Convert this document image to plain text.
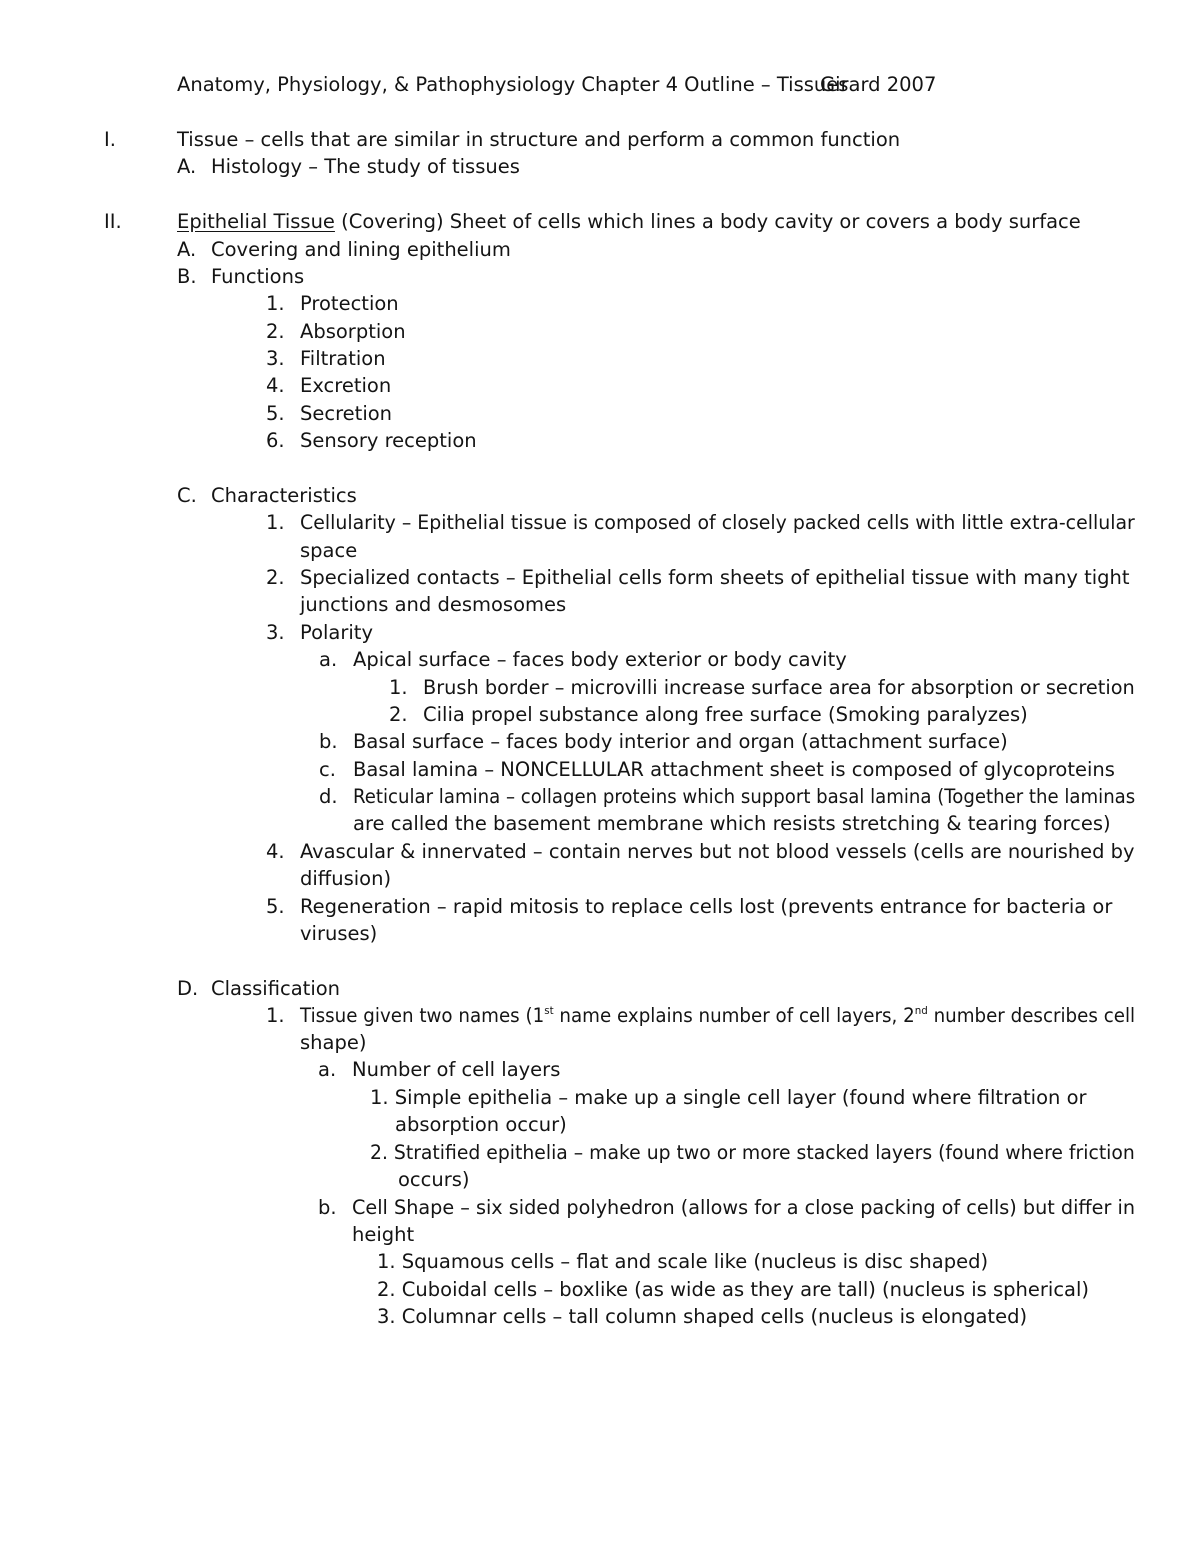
Anatomy, Physiology, & Pathophysiology Chapter 4 Outline – Tissues
Girard 2007
I.	Tissue – cells that are similar in structure and perform a common function
A. Histology – The study of tissues
II.	Epithelial Tissue (Covering) Sheet of cells which lines a body cavity or covers a body surface
A. Covering and lining epithelium
B. Functions
1. Protection
2. Absorption
3. Filtration
4. Excretion
5. Secretion
6. Sensory reception
C. Characteristics
1. Cellularity – Epithelial tissue is composed of closely packed cells with little extra-cellular
space
2. Specialized contacts – Epithelial cells form sheets of epithelial tissue with many tight
junctions and desmosomes
3. Polarity
a. Apical surface – faces body exterior or body cavity
1. Brush border – microvilli increase surface area for absorption or secretion
2. Cilia propel substance along free surface (Smoking paralyzes)
b. Basal surface – faces body interior and organ (attachment surface)
c. Basal lamina – NONCELLULAR attachment sheet is composed of glycoproteins
d. Reticular lamina – collagen proteins which support basal lamina (Together the laminas
are called the basement membrane which resists stretching & tearing forces)
4. Avascular & innervated – contain nerves but not blood vessels (cells are nourished by
diffusion)
5. Regeneration – rapid mitosis to replace cells lost (prevents entrance for bacteria or
viruses)
D. Classification
1. Tissue given two names (1st name explains number of cell layers, 2nd number describes cell
shape)
a. Number of cell layers
1. Simple epithelia – make up a single cell layer (found where filtration or
absorption occur)
2. Stratified epithelia – make up two or more stacked layers (found where friction
occurs)
b. Cell Shape – six sided polyhedron (allows for a close packing of cells) but differ in
height
1. Squamous cells – flat and scale like (nucleus is disc shaped)
2. Cuboidal cells – boxlike (as wide as they are tall) (nucleus is spherical)
3. Columnar cells – tall column shaped cells (nucleus is elongated)
